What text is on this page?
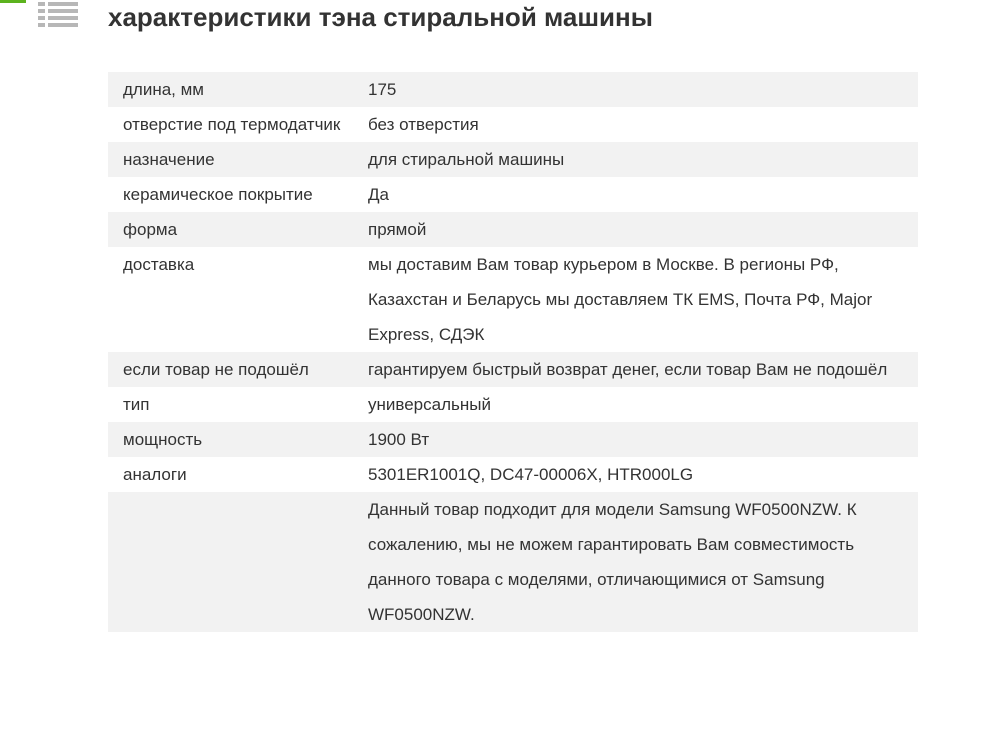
характеристики тэна стиральной машины
длина, мм	175
отверстие под термодатчик	без отверстия
назначение	для стиральной машины
керамическое покрытие	Да
форма	прямой
доставка	мы доставим Вам товар курьером в Москве. В регионы РФ, Казахстан и Беларусь мы доставляем ТК EMS, Почта РФ, Major Express, СДЭК
если товар не подошёл	гарантируем быстрый возврат денег, если товар Вам не подошёл
тип	универсальный
мощность	1900 Вт
аналоги	5301ER1001Q, DC47-00006X, HTR000LG
	Данный товар подходит для модели Samsung WF0500NZW. К сожалению, мы не можем гарантировать Вам совместимость данного товара с моделями, отличающимися от Samsung WF0500NZW.
